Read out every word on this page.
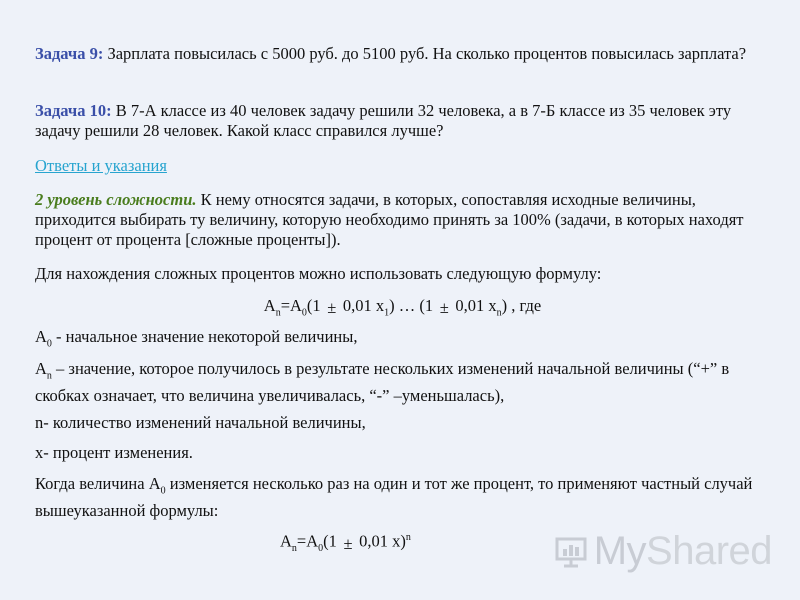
Задача 9: Зарплата повысилась с 5000 руб. до 5100 руб. На сколько процентов повысилась зарплата?

Задача 10: В 7-А классе из 40 человек задачу решили 32 человека, а в 7-Б классе из 35 человек эту задачу решили 28 человек. Какой класс справился лучше?

Ответы и указания

2 уровень сложности. К нему относятся задачи, в которых, сопоставляя исходные величины, приходится выбирать ту величину, которую необходимо принять за 100% (задачи, в которых находят процент от процента [сложные проценты]).

Для нахождения сложных процентов можно использовать следующую формулу:

$A_n=A_0(1 \pm 0,01$ $x_1$) … (1 ± 0,01 $x_n$) , где

$A_0$ - начальное значение некоторой величины,

$A_n$ – значение, которое получилось в результате нескольких изменений начальной величины (“+” в скобках означает, что величина увеличивалась, “-” –уменьшалась),

n- количество изменений начальной величины,

x- процент изменения.

Когда величина $A_0$ изменяется несколько раз на один и тот же процент, то применяют частный случай вышеуказанной формулы:

$A_n=A_0(1 \pm 0,01$ x)$^n$	My Shared
